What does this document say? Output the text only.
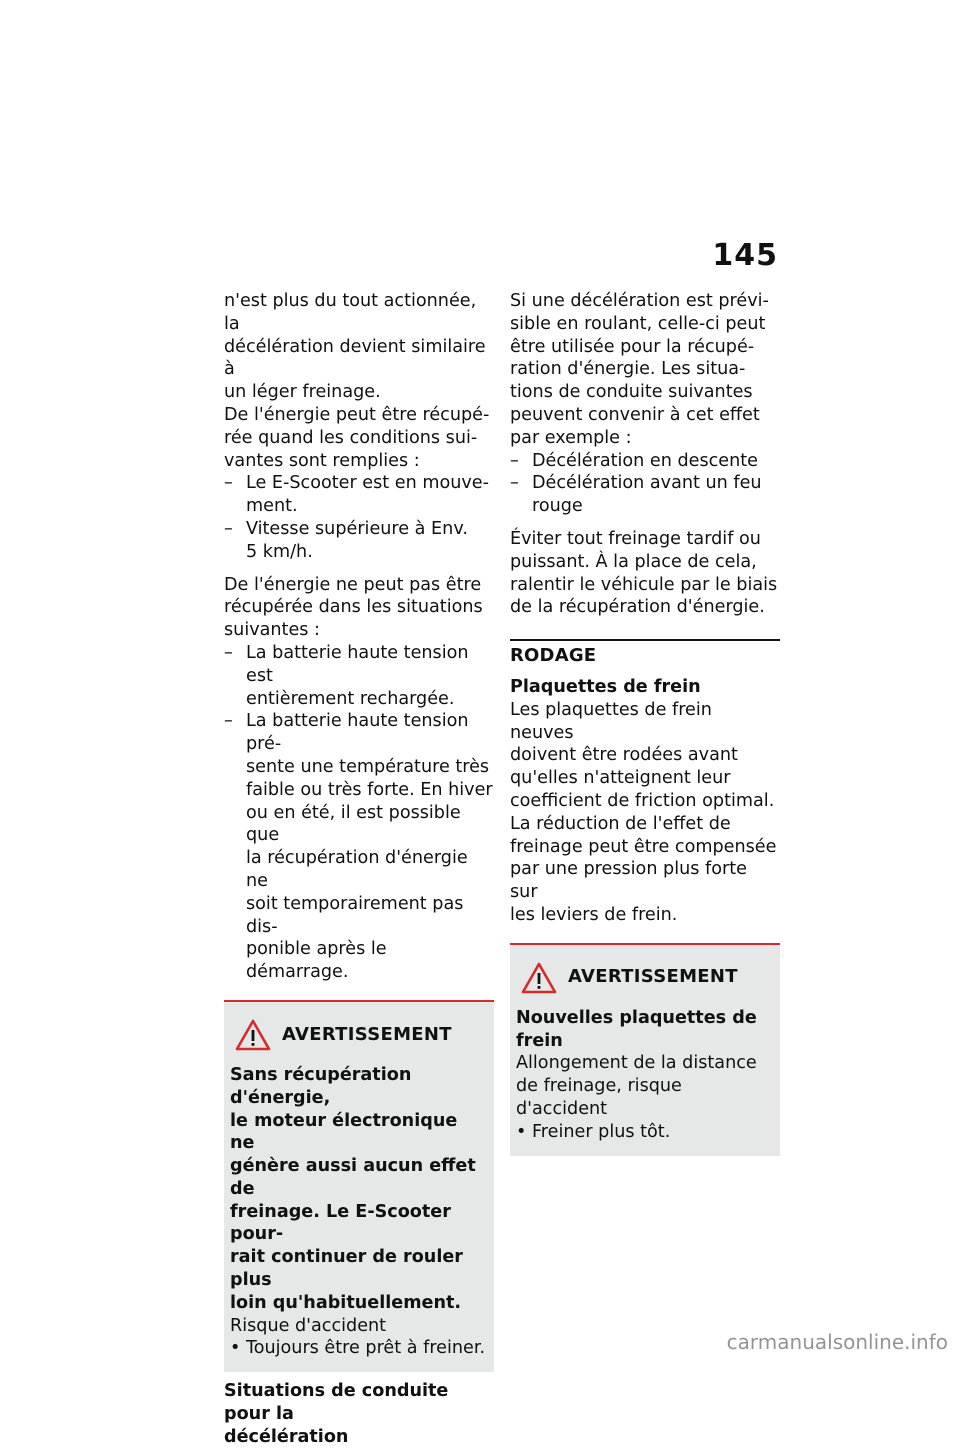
145

n'est plus du tout actionnée, la
décélération devient similaire à
un léger freinage.

De l'énergie peut être récupé-
rée quand les conditions sui-
vantes sont remplies :

– Le E-Scooter est en mouve-
ment.
– Vitesse supérieure à Env.
5 km/h.

De l'énergie ne peut pas être
récupérée dans les situations
suivantes :

– La batterie haute tension est
entièrement rechargée.
– La batterie haute tension pré-
sente une température très
faible ou très forte. En hiver
ou en été, il est possible que
la récupération d'énergie ne
soit temporairement pas dis-
ponible après le démarrage.
AVERTISSEMENT

Sans récupération d'énergie,
le moteur électronique ne
génère aussi aucun effet de
freinage. Le E-Scooter pour-
rait continuer de rouler plus
loin qu'habituellement.

Risque d'accident

• Toujours être prêt à freiner.

Situations de conduite pour la
décélération

Si une décélération est prévi-
sible en roulant, celle-ci peut
être utilisée pour la récupé-
ration d'énergie. Les situa-
tions de conduite suivantes
peuvent convenir à cet effet
par exemple :

– Décélération en descente
– Décélération avant un feu
rouge

Éviter tout freinage tardif ou
puissant. À la place de cela,
ralentir le véhicule par le biais
de la récupération d'énergie.

RODAGE

Plaquettes de frein

Les plaquettes de frein neuves
doivent être rodées avant
qu'elles n'atteignent leur
coefficient de friction optimal.
La réduction de l'effet de
freinage peut être compensée
par une pression plus forte sur
les leviers de frein.

AVERTISSEMENT

Nouvelles plaquettes de
frein

Allongement de la distance
de freinage, risque d'accident

• Freiner plus tôt.

carmanualsonline.info
